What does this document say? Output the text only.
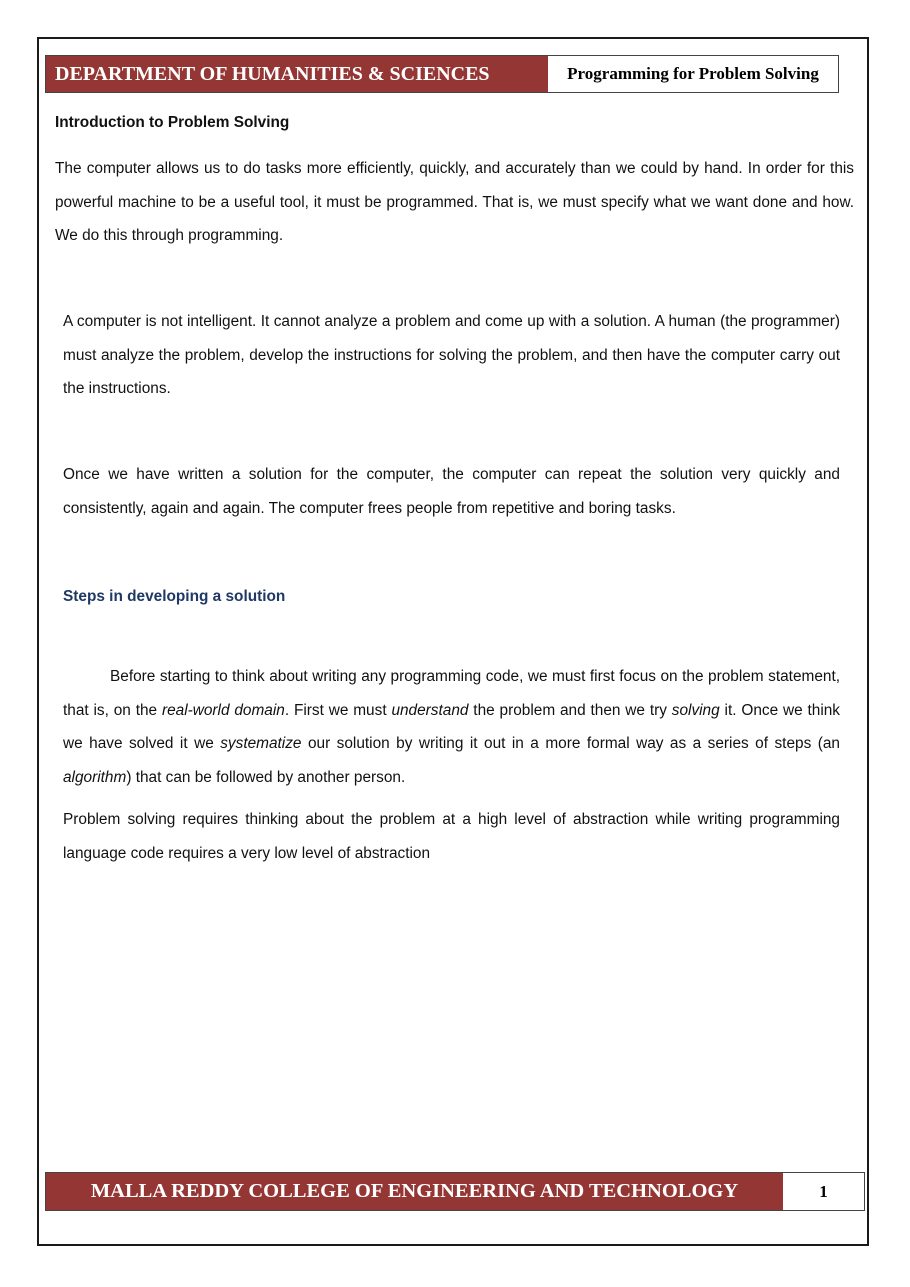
DEPARTMENT OF HUMANITIES & SCIENCES	Programming for Problem Solving
Introduction to Problem Solving

The computer allows us to do tasks more efficiently, quickly, and accurately than we could by hand. In order for this powerful machine to be a useful tool, it must be programmed. That is, we must specify what we want done and how. We do this through programming.

A computer is not intelligent. It cannot analyze a problem and come up with a solution. A human (the programmer) must analyze the problem, develop the instructions for solving the problem, and then have the computer carry out the instructions.

Once we have written a solution for the computer, the computer can repeat the solution very quickly and consistently, again and again. The computer frees people from repetitive and boring tasks.

Steps in developing a solution

Before starting to think about writing any programming code, we must first focus on the problem statement, that is, on the real-world domain. First we must understand the problem and then we try solving it. Once we think we have solved it we systematize our solution by writing it out in a more formal way as a series of steps (an algorithm) that can be followed by another person.

Problem solving requires thinking about the problem at a high level of abstraction while writing programming language code requires a very low level of abstraction

MALLA REDDY COLLEGE OF ENGINEERING AND TECHNOLOGY	1
